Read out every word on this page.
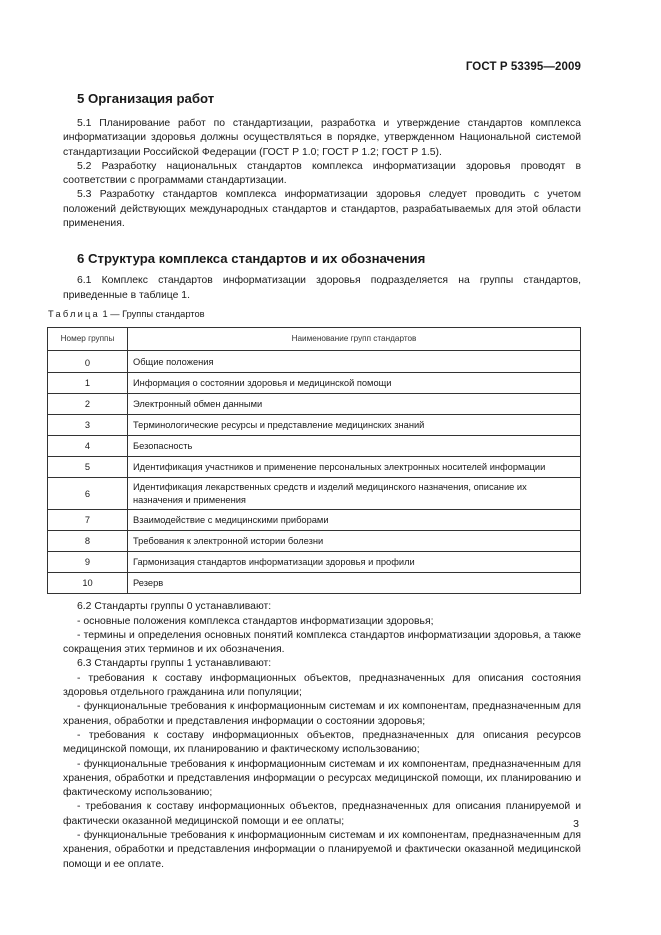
ГОСТ Р 53395—2009
5 Организация работ

5.1 Планирование работ по стандартизации, разработка и утверждение стандартов комплекса информатизации здоровья должны осуществляться в порядке, утвержденном Национальной системой стандартизации Российской Федерации (ГОСТ Р 1.0; ГОСТ Р 1.2; ГОСТ Р 1.5).

5.2 Разработку национальных стандартов комплекса информатизации здоровья проводят в соответствии с программами стандартизации.

5.3 Разработку стандартов комплекса информатизации здоровья следует проводить с учетом положений действующих международных стандартов и стандартов, разрабатываемых для этой области применения.

6 Структура комплекса стандартов и их обозначения

6.1 Комплекс стандартов информатизации здоровья подразделяется на группы стандартов, приведенные в таблице 1.

Таблица 1 — Группы стандартов
Номер группы	Наименование групп стандартов
0	Общие положения
1	Информация о состоянии здоровья и медицинской помощи
2	Электронный обмен данными
3	Терминологические ресурсы и представление медицинских знаний
4	Безопасность
5	Идентификация участников и применение персональных электронных носителей информации
6	Идентификация лекарственных средств и изделий медицинского назначения, описание их назначения и применения
7	Взаимодействие с медицинскими приборами
8	Требования к электронной истории болезни
9	Гармонизация стандартов информатизации здоровья и профили
10	Резерв

6.2 Стандарты группы 0 устанавливают:

- основные положения комплекса стандартов информатизации здоровья;

- термины и определения основных понятий комплекса стандартов информатизации здоровья, а также сокращения этих терминов и их обозначения.

6.3 Стандарты группы 1 устанавливают:

- требования к составу информационных объектов, предназначенных для описания состояния здоровья отдельного гражданина или популяции;

- функциональные требования к информационным системам и их компонентам, предназначенным для хранения, обработки и представления информации о состоянии здоровья;

- требования к составу информационных объектов, предназначенных для описания ресурсов медицинской помощи, их планированию и фактическому использованию;

- функциональные требования к информационным системам и их компонентам, предназначенным для хранения, обработки и представления информации о ресурсах медицинской помощи, их планированию и фактическому использованию;

- требования к составу информационных объектов, предназначенных для описания планируемой и фактически оказанной медицинской помощи и ее оплаты;

- функциональные требования к информационным системам и их компонентам, предназначенным для хранения, обработки и представления информации о планируемой и фактически оказанной медицинской помощи и ее оплате.

3
